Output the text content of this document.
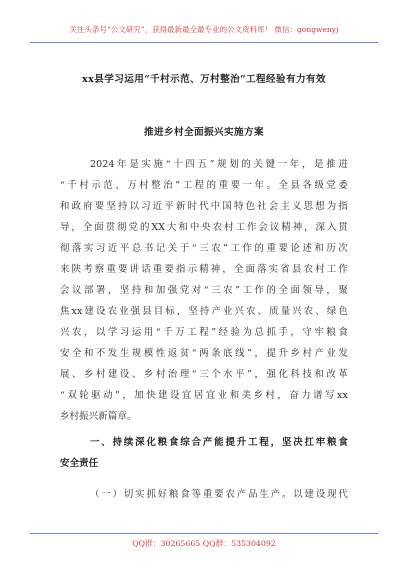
关注头条号“公文研究”，获得最新最全最专业的公文资料库！ 微信：gongwenyj
xx县学习运用“千村示范、万村整治”工程经验有力有效
推进乡村全面振兴实施方案
2024年是实施“十四五”规划的关键一年，是推进
“千村示范、万村整治”工程的重要一年。全县各级党委
和政府要坚持以习近平新时代中国特色社会主义思想为指
导，全面贯彻党的XX大和中央农村工作会议精神，深入贯
彻落实习近平总书记关于“三农”工作的重要论述和历次
来陕考察重要讲话重要指示精神，全面落实省县农村工作
会议部署，坚持和加强党对“三农”工作的全面领导，聚
焦xx建设农业强县目标，坚持产业兴农、质量兴农、绿色
兴农，以学习运用“千万工程”经验为总抓手，守牢粮食
安全和不发生规模性返贫“两条底线”，提升乡村产业发
展、乡村建设、乡村治理“三个水平”，强化科技和改革
“双轮驱动”，加快建设宜居宜业和美乡村，奋力谱写xx
乡村振兴新篇章。
一、持续深化粮食综合产能提升工程，坚决扛牢粮食
安全责任
（一）切实抓好粮食等重要农产品生产。以建设现代
QQ群：30265665 QQ群：535304092
